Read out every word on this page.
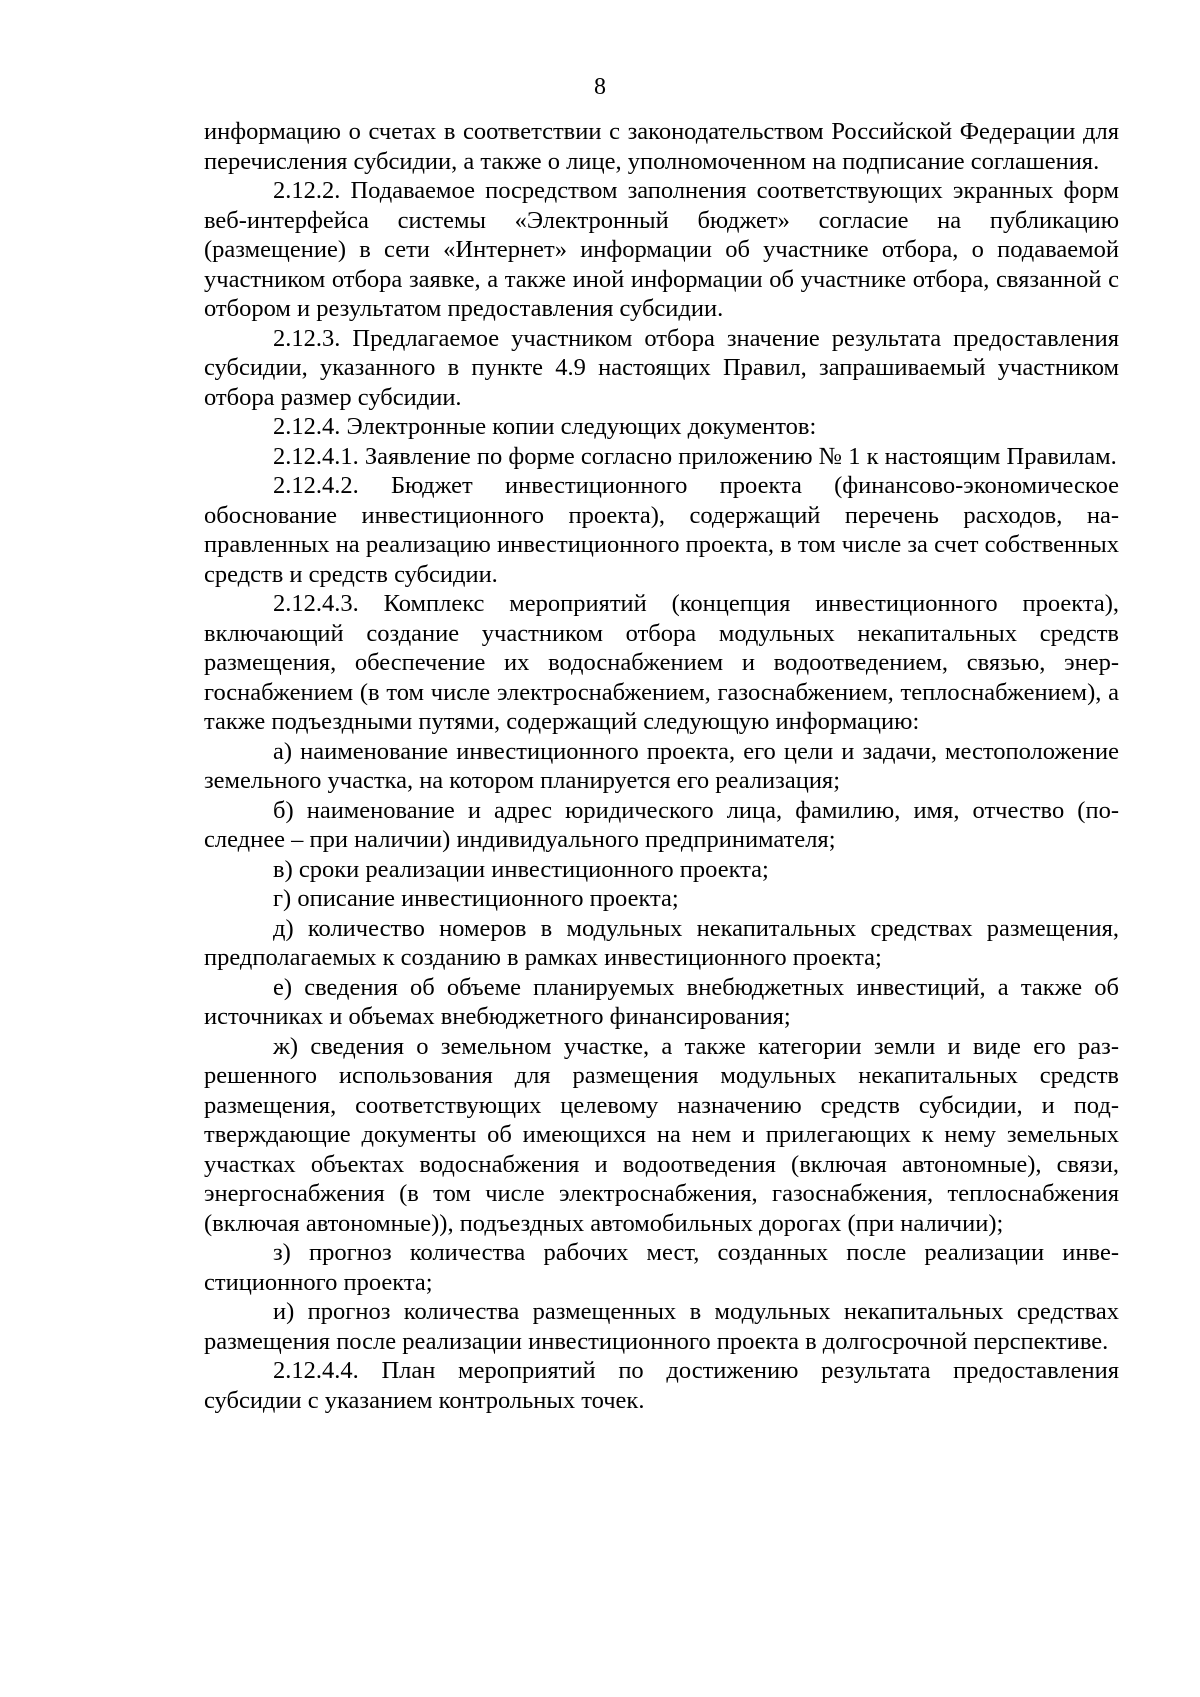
8

информацию о счетах в соответствии с законодательством Российской Федерации для перечисления субсидии, а также о лице, уполномоченном на подписание соглашения.

2.12.2. Подаваемое посредством заполнения соответствующих экранных форм веб-интерфейса системы «Электронный бюджет» согласие на публикацию (размещение) в сети «Интернет» информации об участнике отбора, о подаваемой участником отбора заявке, а также иной информации об участнике отбора, связанной с отбором и результатом предоставления субсидии.

2.12.3. Предлагаемое участником отбора значение результата предоставления субсидии, указанного в пункте 4.9 настоящих Правил, запрашиваемый участником отбора размер субсидии.

2.12.4. Электронные копии следующих документов:

2.12.4.1. Заявление по форме согласно приложению № 1 к настоящим Правилам.

2.12.4.2. Бюджет инвестиционного проекта (финансово-экономическое обоснование инвестиционного проекта), содержащий перечень расходов, направленных на реализацию инвестиционного проекта, в том числе за счет собственных средств и средств субсидии.

2.12.4.3. Комплекс мероприятий (концепция инвестиционного проекта), включающий создание участником отбора модульных некапитальных средств размещения, обеспечение их водоснабжением и водоотведением, связью, энергоснабжением (в том числе электроснабжением, газоснабжением, теплоснабжением), а также подъездными путями, содержащий следующую информацию:

а) наименование инвестиционного проекта, его цели и задачи, местоположение земельного участка, на котором планируется его реализация;

б) наименование и адрес юридического лица, фамилию, имя, отчество (последнее – при наличии) индивидуального предпринимателя;

в) сроки реализации инвестиционного проекта;

г) описание инвестиционного проекта;

д) количество номеров в модульных некапитальных средствах размещения, предполагаемых к созданию в рамках инвестиционного проекта;

е) сведения об объеме планируемых внебюджетных инвестиций, а также об источниках и объемах внебюджетного финансирования;

ж) сведения о земельном участке, а также категории земли и виде его разрешенного использования для размещения модульных некапитальных средств размещения, соответствующих целевому назначению средств субсидии, и подтверждающие документы об имеющихся на нем и прилегающих к нему земельных участках объектах водоснабжения и водоотведения (включая автономные), связи, энергоснабжения (в том числе электроснабжения, газоснабжения, теплоснабжения (включая автономные)), подъездных автомобильных дорогах (при наличии);

з) прогноз количества рабочих мест, созданных после реализации инвестиционного проекта;

и) прогноз количества размещенных в модульных некапитальных средствах размещения после реализации инвестиционного проекта в долгосрочной перспективе.

2.12.4.4. План мероприятий по достижению результата предоставления субсидии с указанием контрольных точек.
